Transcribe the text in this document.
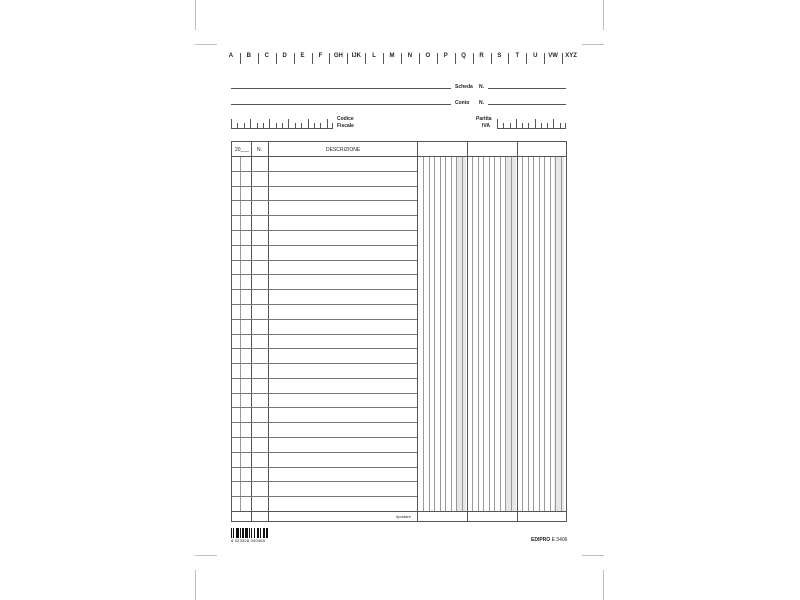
A B C D E F GH IJK L M N O P Q R S T U VW XYZ
Scheda N.
Conto N.
Codice
Fiscale
Partita
IVA
20___ N.	DESCRIZIONE
riportare
8 023328 340465	EDIPRO E 3406
